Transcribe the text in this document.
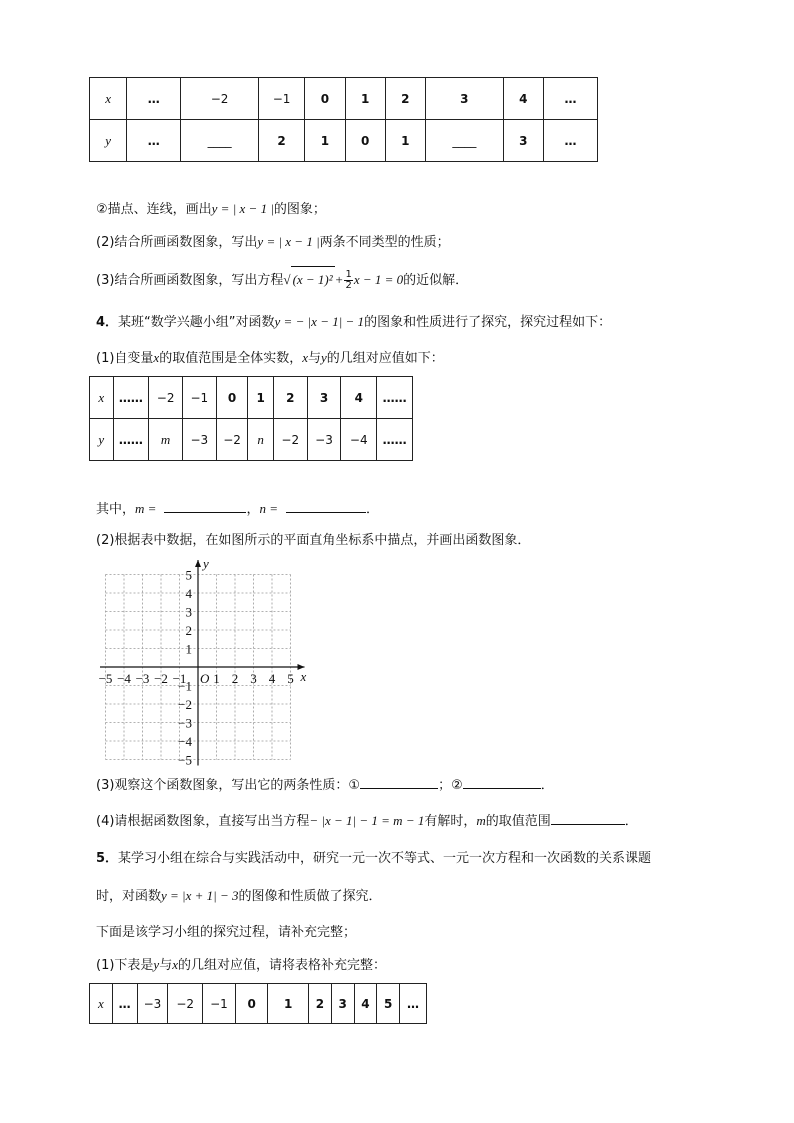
x	…	−2	−1	0	1	2	3	4	…
y	…	____	2	1	0	1	____	3	…
②描点、连线，画出y = | x − 1 |的图象；
(2)结合所画函数图象，写出y = | x − 1 |两条不同类型的性质；
(3)结合所画函数图象，写出方程√ $(x - 1)^2 + \frac{1}{2}$ x − 1 = 0的近似解．
4．某班“数学兴趣小组”对函数y = − |x − 1| − 1的图象和性质进行了探究，探究过程如下：
(1)自变量x的取值范围是全体实数，x与y的几组对应值如下：
x	……	−2	−1	0	1	2	3	4	……
y	……	m	−3	−2	n	−2	−3	−4	……
其中，m =	，n =	．
(2)根据表中数据，在如图所示的平面直角坐标系中描点，并画出函数图象．
−5 −4 −3 −2 −1 1 2 3 4 5
5
4
3
2
1
−1
−2
−3
−4
−5
O	x
y
(3)观察这个函数图象，写出它的两条性质：①	；②	．
(4)请根据函数图象，直接写出当方程− |x − 1| − 1 = m − 1有解时，m的取值范围	．
5．某学习小组在综合与实践活动中，研究一元一次不等式、一元一次方程和一次函数的关系课题
时，对函数y = |x + 1| − 3的图像和性质做了探究．
下面是该学习小组的探究过程，请补充完整；
(1)下表是y与x的几组对应值，请将表格补充完整：
x	…	−3	−2	−1	0	1	2	3	4	5	…
